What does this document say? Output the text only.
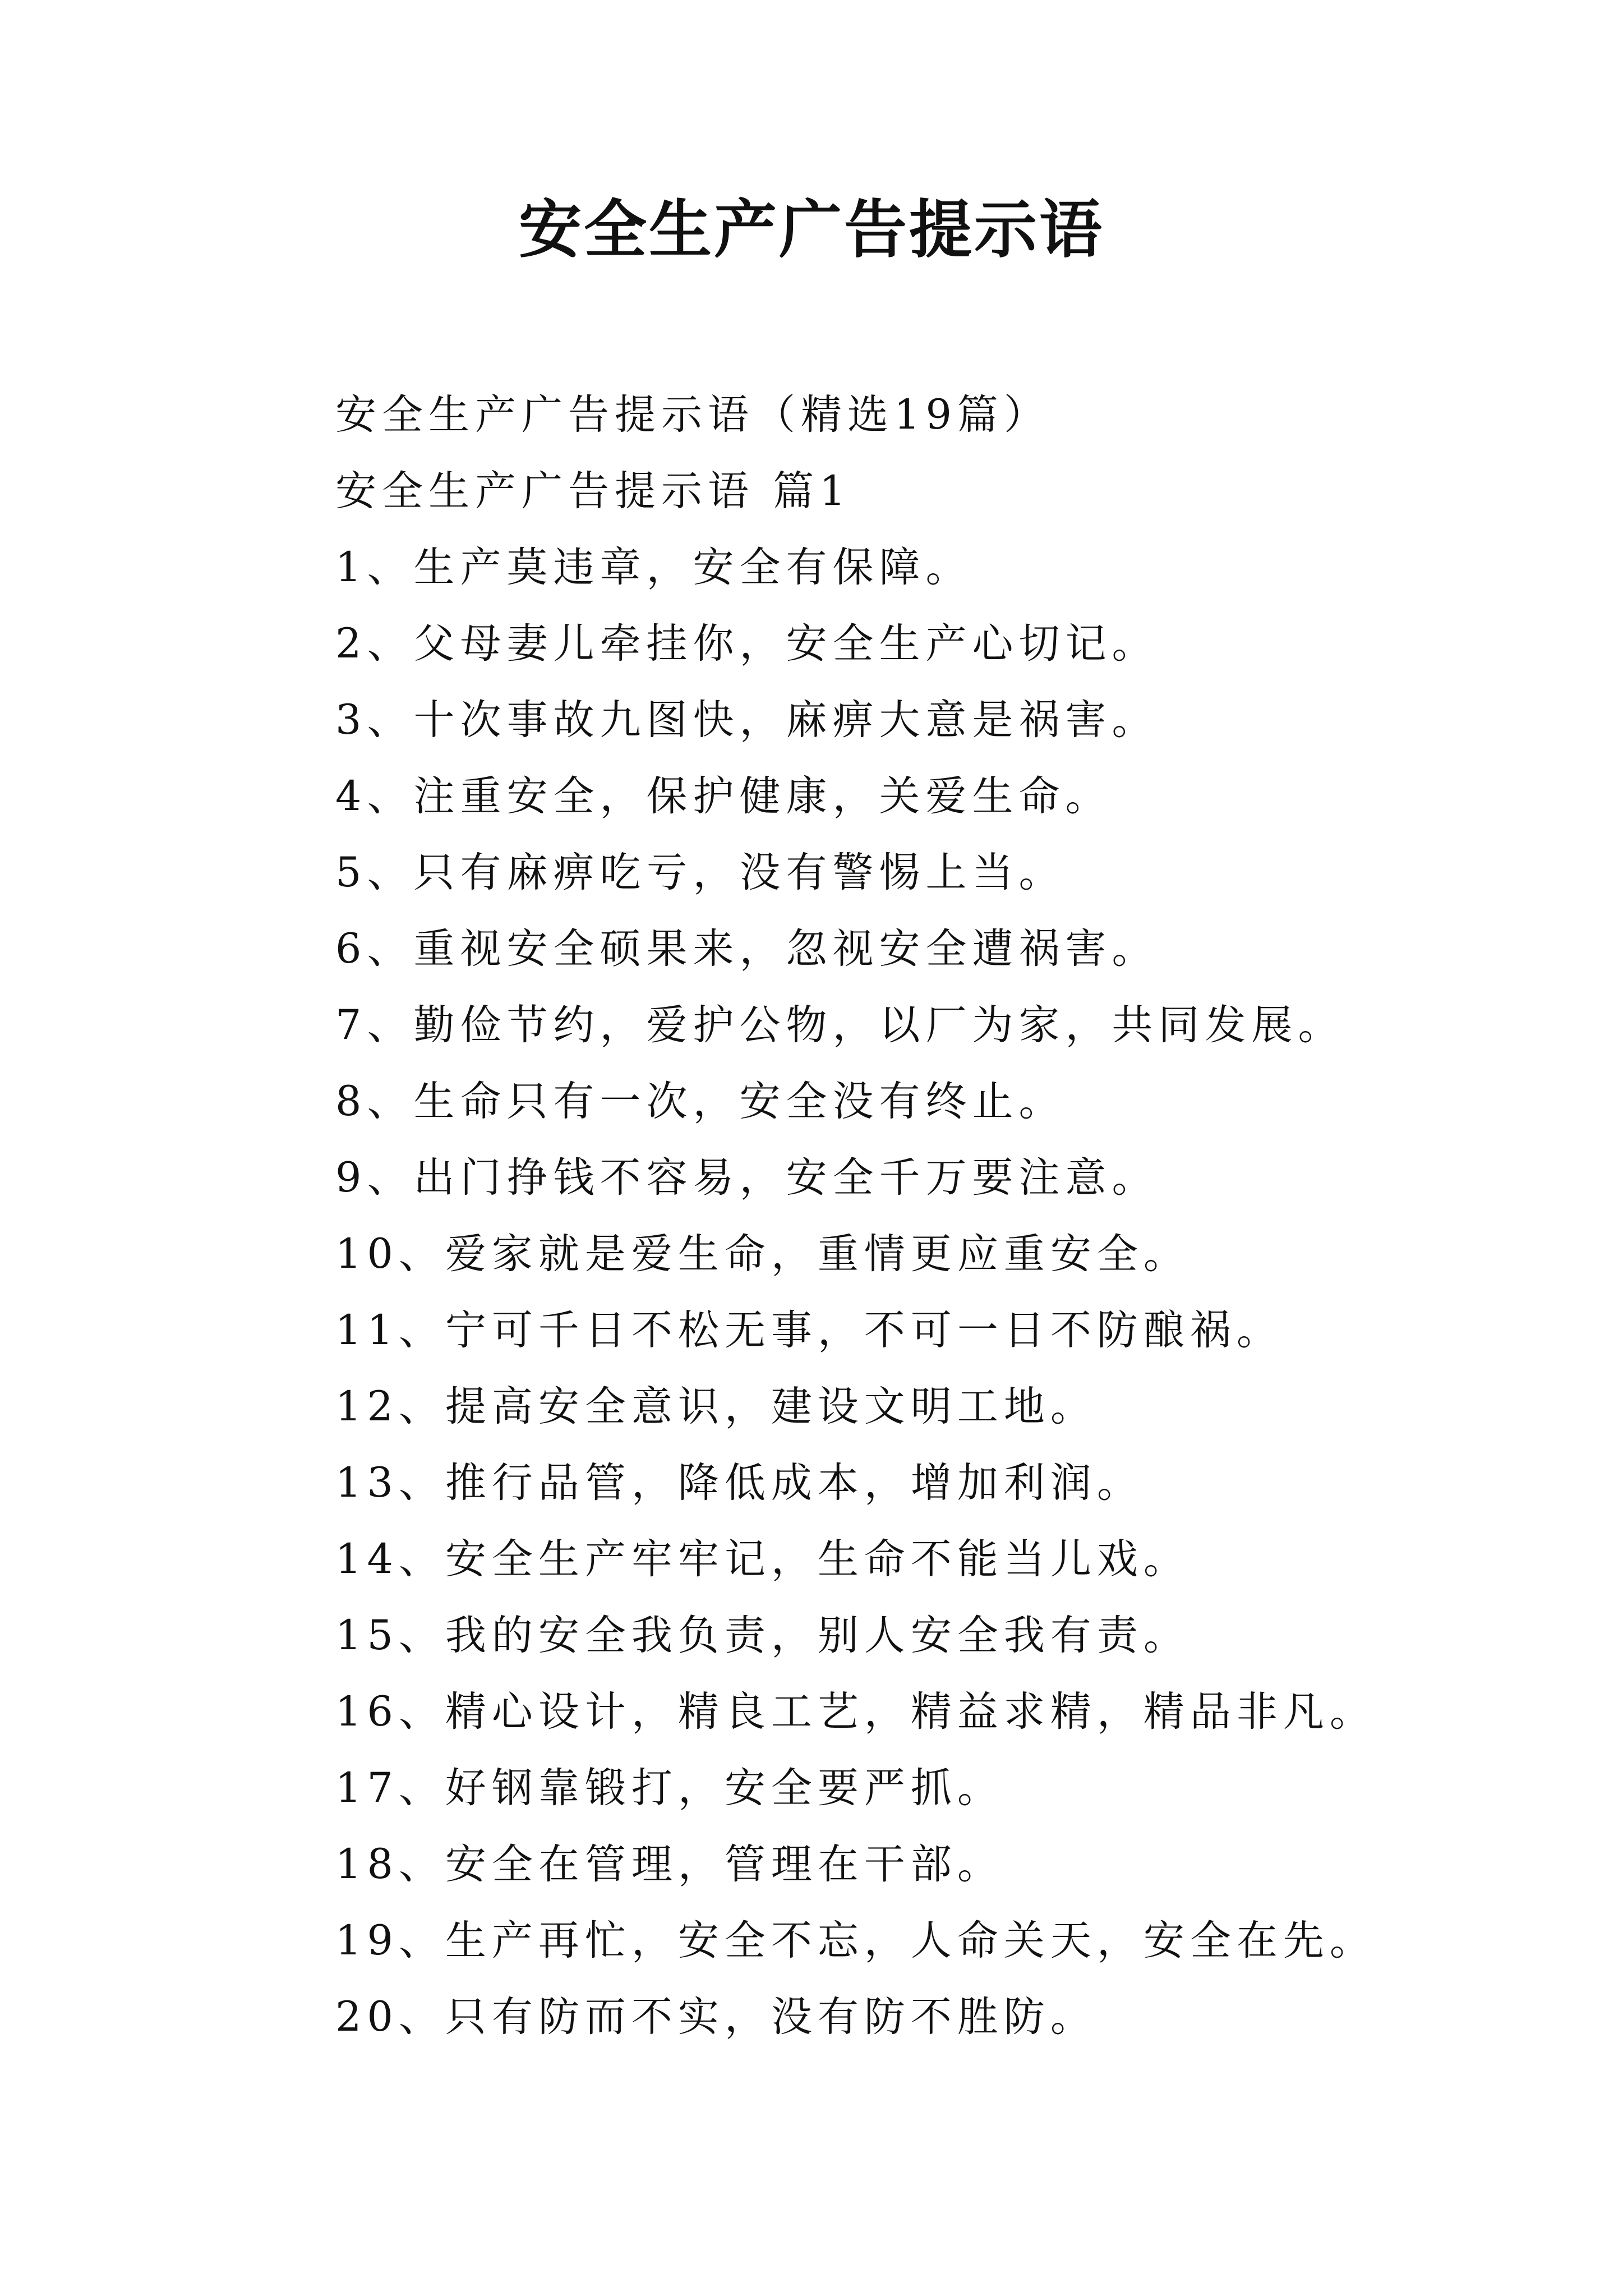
安全生产广告提示语
安全生产广告提示语（精选19篇）
安全生产广告提示语 篇1
1、生产莫违章，安全有保障。
2、父母妻儿牵挂你，安全生产心切记。
3、十次事故九图快，麻痹大意是祸害。
4、注重安全，保护健康，关爱生命。
5、只有麻痹吃亏，没有警惕上当。
6、重视安全硕果来，忽视安全遭祸害。
7、勤俭节约，爱护公物，以厂为家，共同发展。
8、生命只有一次，安全没有终止。
9、出门挣钱不容易，安全千万要注意。
10、爱家就是爱生命，重情更应重安全。
11、宁可千日不松无事，不可一日不防酿祸。
12、提高安全意识，建设文明工地。
13、推行品管，降低成本，增加利润。
14、安全生产牢牢记，生命不能当儿戏。
15、我的安全我负责，别人安全我有责。
16、精心设计，精良工艺，精益求精，精品非凡。
17、好钢靠锻打，安全要严抓。
18、安全在管理，管理在干部。
19、生产再忙，安全不忘，人命关天，安全在先。
20、只有防而不实，没有防不胜防。
